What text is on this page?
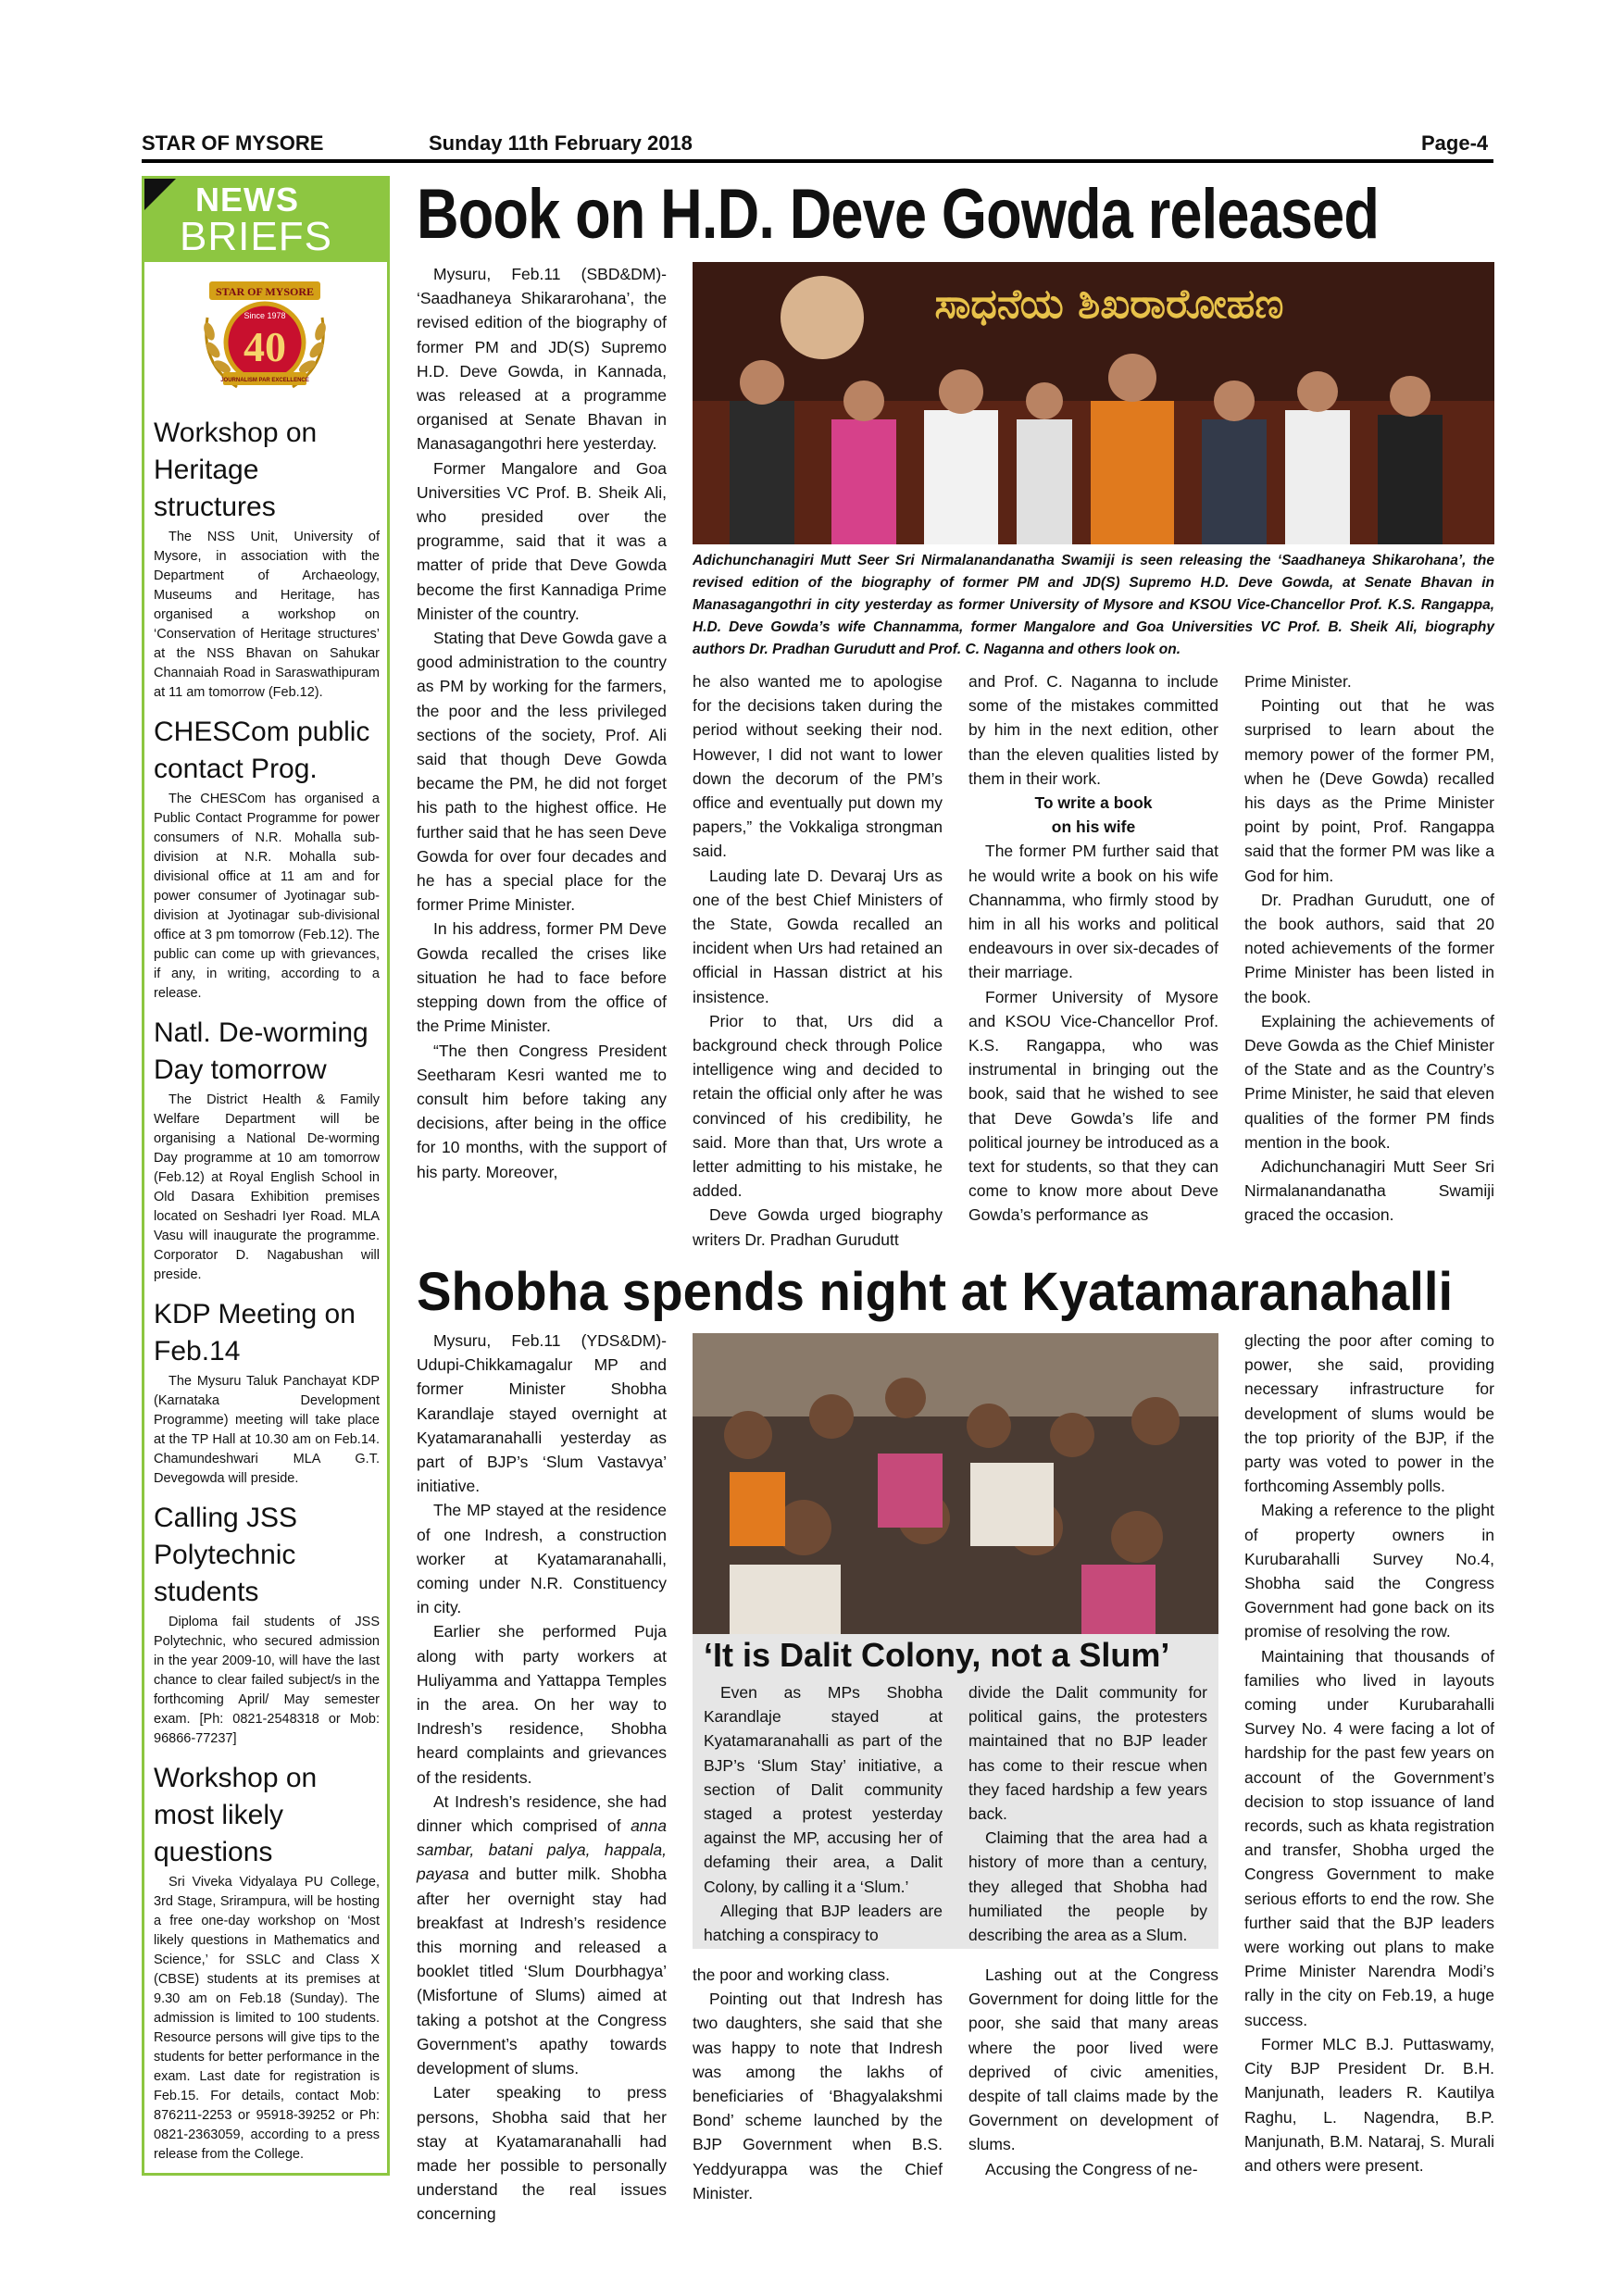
STAR OF MYSORE	Sunday 11th February 2018	Page-4
NEWS
BRIEFS
STAR OF MYSORE
Since 1978
40
JOURNALISM PAR EXCELLENCE
Workshop on Heritage structures

The NSS Unit, University of Mysore, in association with the Department of Archaeology, Museums and Heritage, has organised a workshop on ‘Conservation of Heritage structures’ at the NSS Bhavan on Sahukar Channaiah Road in Saraswathipuram at 11 am tomorrow (Feb.12).

CHESCom public contact Prog.

The CHESCom has organised a Public Contact Programme for power consumers of N.R. Mohalla sub-division at N.R. Mohalla sub-divisional office at 11 am and for power consumer of Jyotinagar sub-division at Jyotinagar sub-divisional office at 3 pm tomorrow (Feb.12). The public can come up with grievances, if any, in writing, according to a release.

Natl. De-worming Day tomorrow

The District Health & Family Welfare Department will be organising a National De-worming Day programme at 10 am tomorrow (Feb.12) at Royal English School in Old Dasara Exhibition premises located on Seshadri Iyer Road. MLA Vasu will inaugurate the programme. Corporator D. Nagabushan will preside.

KDP Meeting on Feb.14

The Mysuru Taluk Panchayat KDP (Karnataka Development Programme) meeting will take place at the TP Hall at 10.30 am on Feb.14. Chamundeshwari MLA G.T. Devegowda will preside.

Calling JSS Polytechnic students

Diploma fail students of JSS Polytechnic, who secured admission in the year 2009-10, will have the last chance to clear failed subject/s in the forthcoming April/ May semester exam. [Ph: 0821-2548318 or Mob: 96866-77237]

Workshop on most likely questions

Sri Viveka Vidyalaya PU College, 3rd Stage, Srirampura, will be hosting a free one-day workshop on ‘Most likely questions in Mathematics and Science,’ for SSLC and Class X (CBSE) students at its premises at 9.30 am on Feb.18 (Sunday). The admission is limited to 100 students. Resource persons will give tips to the students for better performance in the exam. Last date for registration is Feb.15. For details, contact Mob: 876211-2253 or 95918-39252 or Ph: 0821-2363059, according to a press release from the College.

Book on H.D. Deve Gowda released

Mysuru, Feb.11 (SBD&DM)- ‘Saadhaneya Shikararohana’, the revised edition of the biography of former PM and JD(S) Supremo H.D. Deve Gowda, in Kannada, was released at a programme organised at Senate Bhavan in Manasagangothri here yesterday.

Former Mangalore and Goa Universities VC Prof. B. Sheik Ali, who presided over the programme, said that it was a matter of pride that Deve Gowda become the first Kannadiga Prime Minister of the country.

Stating that Deve Gowda gave a good administration to the country as PM by working for the farmers, the poor and the less privileged sections of the society, Prof. Ali said that though Deve Gowda became the PM, he did not forget his path to the highest office. He further said that he has seen Deve Gowda for over four decades and he has a special place for the former Prime Minister.

In his address, former PM Deve Gowda recalled the crises like situation he had to face before stepping down from the office of the Prime Minister.

“The then Congress President Seetharam Kesri wanted me to consult him before taking any decisions, after being in the office for 10 months, with the support of his party. Moreover,

ಸಾಧನೆಯ ಶಿಖರಾರೋಹಣ
Adichunchanagiri Mutt Seer Sri Nirmalanandanatha Swamiji is seen releasing the ‘Saadhaneya Shikarohana’, the revised edition of the biography of former PM and JD(S) Supremo H.D. Deve Gowda, at Senate Bhavan in Manasagangothri in city yesterday as former University of Mysore and KSOU Vice-Chancellor Prof. K.S. Rangappa, H.D. Deve Gowda’s wife Channamma, former Mangalore and Goa Universities VC Prof. B. Sheik Ali, biography authors Dr. Pradhan Gurudutt and Prof. C. Naganna and others look on.

he also wanted me to apologise for the decisions taken during the period without seeking their nod. However, I did not want to lower down the decorum of the PM’s office and eventually put down my papers,” the Vokkaliga strongman said.

Lauding late D. Devaraj Urs as one of the best Chief Ministers of the State, Gowda recalled an incident when Urs had retained an official in Hassan district at his insistence.

Prior to that, Urs did a background check through Police intelligence wing and decided to retain the official only after he was convinced of his credibility, he said. More than that, Urs wrote a letter admitting to his mistake, he added.

Deve Gowda urged biography writers Dr. Pradhan Gurudutt

and Prof. C. Naganna to include some of the mistakes committed by him in the next edition, other than the eleven qualities listed by them in their work.

To write a book

on his wife

The former PM further said that he would write a book on his wife Channamma, who firmly stood by him in all his works and political endeavours in over six-decades of their marriage.

Former University of Mysore and KSOU Vice-Chancellor Prof. K.S. Rangappa, who was instrumental in bringing out the book, said that he wished to see that Deve Gowda’s life and political journey be introduced as a text for students, so that they can come to know more about Deve Gowda’s performance as

Prime Minister.

Pointing out that he was surprised to learn about the memory power of the former PM, when he (Deve Gowda) recalled his days as the Prime Minister point by point, Prof. Rangappa said that the former PM was like a God for him.

Dr. Pradhan Gurudutt, one of the book authors, said that 20 noted achievements of the former Prime Minister has been listed in the book.

Explaining the achievements of Deve Gowda as the Chief Minister of the State and as the Country’s Prime Minister, he said that eleven qualities of the former PM finds mention in the book.

Adichunchanagiri Mutt Seer Sri Nirmalanandanatha Swamiji graced the occasion.

Shobha spends night at Kyatamaranahalli

Mysuru, Feb.11 (YDS&DM)- Udupi-Chikkamagalur MP and former Minister Shobha Karandlaje stayed overnight at Kyatamaranahalli yesterday as part of BJP’s ‘Slum Vastavya’ initiative.

The MP stayed at the residence of one Indresh, a construction worker at Kyatamaranahalli, coming under N.R. Constituency in city.

Earlier she performed Puja along with party workers at Huliyamma and Yattappa Temples in the area. On her way to Indresh’s residence, Shobha heard complaints and grievances of the residents.

At Indresh’s residence, she had dinner which comprised of anna sambar, batani palya, happala, payasa and butter milk. Shobha after her overnight stay had breakfast at Indresh’s residence this morning and released a booklet titled ‘Slum Dourbhagya’ (Misfortune of Slums) aimed at taking a potshot at the Congress Government’s apathy towards development of slums.

Later speaking to press persons, Shobha said that her stay at Kyatamaranahalli had made her possible to personally understand the real issues concerning

‘It is Dalit Colony, not a Slum’

Even as MPs Shobha Karandlaje stayed at Kyatamaranahalli as part of the BJP’s ‘Slum Stay’ initiative, a section of Dalit community staged a protest yesterday against the MP, accusing her of defaming their area, a Dalit Colony, by calling it a ‘Slum.’

Alleging that BJP leaders are hatching a conspiracy to

divide the Dalit community for political gains, the protesters maintained that no BJP leader has come to their rescue when they faced hardship a few years back.

Claiming that the area had a history of more than a century, they alleged that Shobha had humiliated the people by describing the area as a Slum.

the poor and working class.

Pointing out that Indresh has two daughters, she said that she was happy to note that Indresh was among the lakhs of beneficiaries of ‘Bhagyalakshmi Bond’ scheme launched by the BJP Government when B.S. Yeddyurappa was the Chief Minister.

Lashing out at the Congress Government for doing little for the poor, she said that many areas where the poor lived were deprived of civic amenities, despite of tall claims made by the Government on development of slums.

Accusing the Congress of ne-

glecting the poor after coming to power, she said, providing necessary infrastructure for development of slums would be the top priority of the BJP, if the party was voted to power in the forthcoming Assembly polls.

Making a reference to the plight of property owners in Kurubarahalli Survey No.4, Shobha said the Congress Government had gone back on its promise of resolving the row.

Maintaining that thousands of families who lived in layouts coming under Kurubarahalli Survey No. 4 were facing a lot of hardship for the past few years on account of the Government’s decision to stop issuance of land records, such as khata registration and transfer, Shobha urged the Congress Government to make serious efforts to end the row. She further said that the BJP leaders were working out plans to make Prime Minister Narendra Modi’s rally in the city on Feb.19, a huge success.

Former MLC B.J. Puttaswamy, City BJP President Dr. B.H. Manjunath, leaders R. Kautilya Raghu, L. Nagendra, B.P. Manjunath, B.M. Nataraj, S. Murali and others were present.
